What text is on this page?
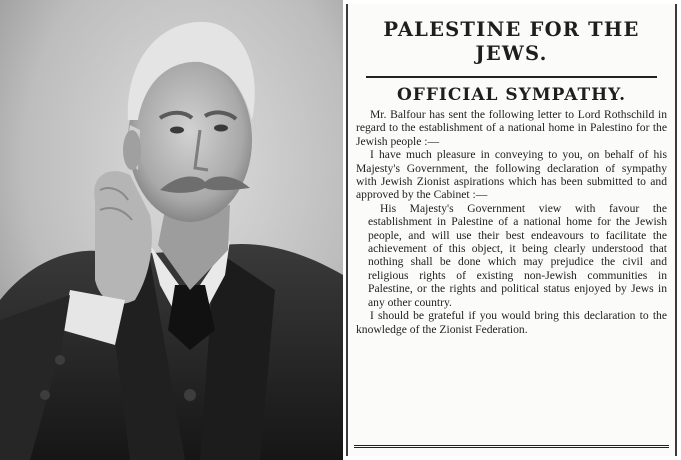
PALESTINE FOR THE
JEWS.
OFFICIAL SYMPATHY.

Mr. Balfour has sent the following letter to Lord Rothschild in regard to the establishment of a national home in Palestino for the Jewish people :—

I have much pleasure in conveying to you, on behalf of his Majesty's Government, the following declaration of sympathy with Jewish Zionist aspirations which has been submitted to and approved by the Cabinet :—

His Majesty's Government view with favour the establishment in Palestine of a national home for the Jewish people, and will use their best endeavours to facilitate the achievement of this object, it being clearly understood that nothing shall be done which may prejudice the civil and religious rights of existing non-Jewish communities in Palestine, or the rights and political status enjoyed by Jews in any other country.

I should be grateful if you would bring this declaration to the knowledge of the Zionist Federation.
